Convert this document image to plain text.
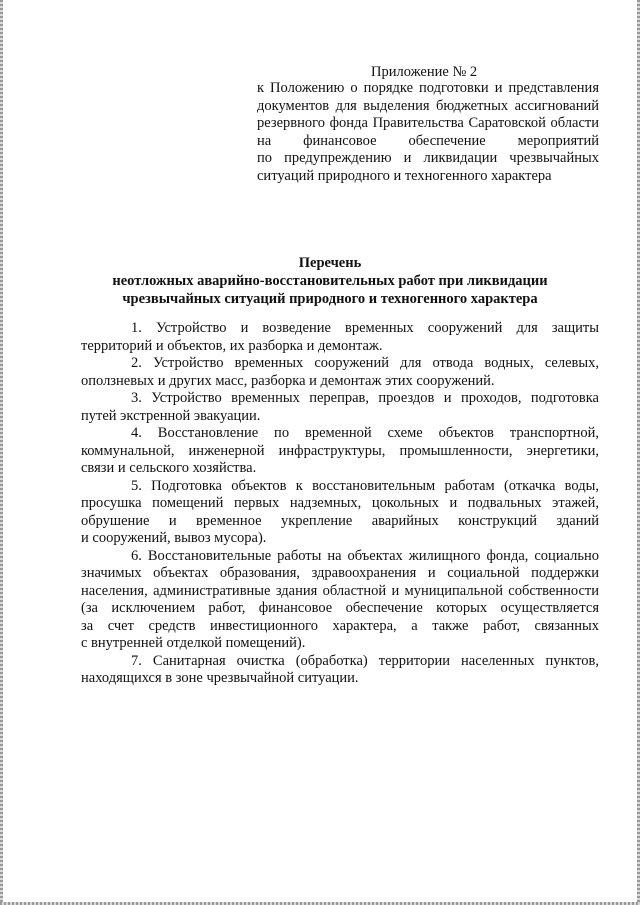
Приложение № 2
к Положению о порядке подготовки и представления
документов для выделения бюджетных ассигнований
резервного фонда Правительства Саратовской области
на финансовое обеспечение мероприятий
по предупреждению и ликвидации чрезвычайных
ситуаций природного и техногенного характера
Перечень
неотложных аварийно-восстановительных работ при ликвидации
чрезвычайных ситуаций природного и техногенного характера
1. Устройство и возведение временных сооружений для защиты
территорий и объектов, их разборка и демонтаж.
2. Устройство временных сооружений для отвода водных, селевых,
оползневых и других масс, разборка и демонтаж этих сооружений.
3. Устройство временных переправ, проездов и проходов, подготовка
путей экстренной эвакуации.
4. Восстановление по временной схеме объектов транспортной,
коммунальной, инженерной инфраструктуры, промышленности, энергетики,
связи и сельского хозяйства.
5. Подготовка объектов к восстановительным работам (откачка воды,
просушка помещений первых надземных, цокольных и подвальных этажей,
обрушение и временное укрепление аварийных конструкций зданий
и сооружений, вывоз мусора).
6. Восстановительные работы на объектах жилищного фонда, социально
значимых объектах образования, здравоохранения и социальной поддержки
населения, административные здания областной и муниципальной собственности
(за исключением работ, финансовое обеспечение которых осуществляется
за счет средств инвестиционного характера, а также работ, связанных
с внутренней отделкой помещений).
7. Санитарная очистка (обработка) территории населенных пунктов,
находящихся в зоне чрезвычайной ситуации.
